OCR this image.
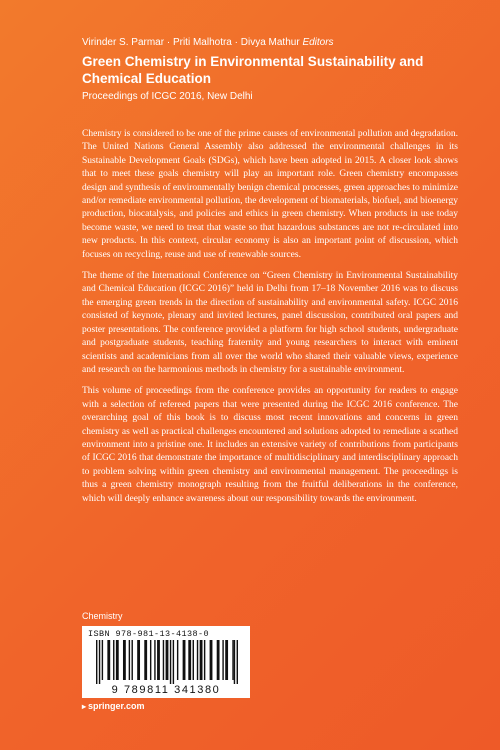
Virinder S. Parmar · Priti Malhotra · Divya Mathur Editors
Green Chemistry in Environmental Sustainability and Chemical Education
Proceedings of ICGC 2016, New Delhi

Chemistry is considered to be one of the prime causes of environmental pollution and degradation. The United Nations General Assembly also addressed the environmental challenges in its Sustainable Development Goals (SDGs), which have been adopted in 2015. A closer look shows that to meet these goals chemistry will play an important role. Green chemistry encompasses design and synthesis of environmentally benign chemical processes, green approaches to minimize and/or remediate environmental pollution, the development of biomaterials, biofuel, and bioenergy production, biocatalysis, and policies and ethics in green chemistry. When products in use today become waste, we need to treat that waste so that hazardous substances are not re-circulated into new products. In this context, circular economy is also an important point of discussion, which focuses on recycling, reuse and use of renewable sources.

The theme of the International Conference on “Green Chemistry in Environmental Sustainability and Chemical Education (ICGC 2016)” held in Delhi from 17–18 November 2016 was to discuss the emerging green trends in the direction of sustainability and environmental safety. ICGC 2016 consisted of keynote, plenary and invited lectures, panel discussion, contributed oral papers and poster presentations. The conference provided a platform for high school students, undergraduate and postgraduate students, teaching fraternity and young researchers to interact with eminent scientists and academicians from all over the world who shared their valuable views, experience and research on the harmonious methods in chemistry for a sustainable environment.

This volume of proceedings from the conference provides an opportunity for readers to engage with a selection of refereed papers that were presented during the ICGC 2016 conference. The overarching goal of this book is to discuss most recent innovations and concerns in green chemistry as well as practical challenges encountered and solutions adopted to remediate a scathed environment into a pristine one. It includes an extensive variety of contributions from participants of ICGC 2016 that demonstrate the importance of multidisciplinary and interdisciplinary approach to problem solving within green chemistry and environmental management. The proceedings is thus a green chemistry monograph resulting from the fruitful deliberations in the conference, which will deeply enhance awareness about our responsibility towards the environment.

Chemistry
ISBN 978-981-13-4138-0
9 789811 341380
▸ springer.com
